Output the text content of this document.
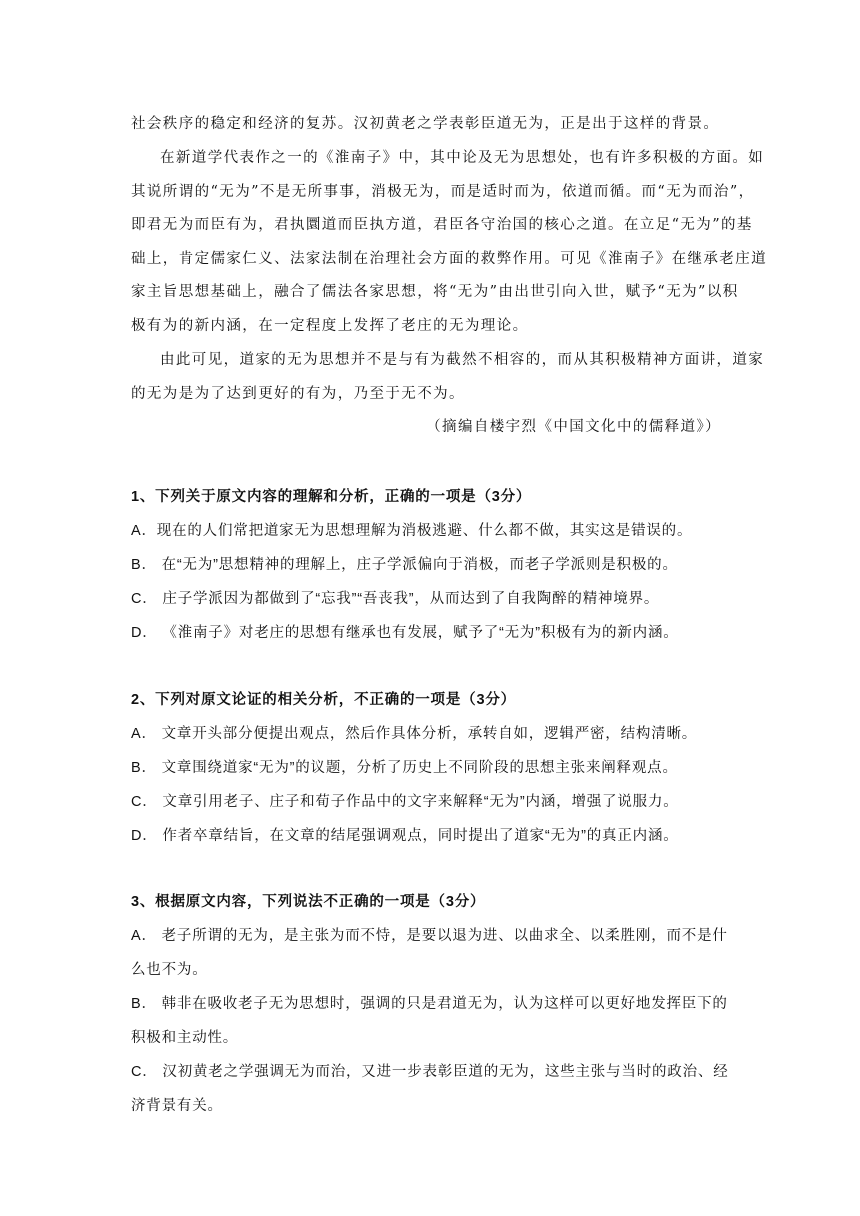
社会秩序的稳定和经济的复苏。汉初黄老之学表彰臣道无为，正是出于这样的背景。
在新道学代表作之一的《淮南子》中，其中论及无为思想处，也有许多积极的方面。如
其说所谓的“无为”不是无所事事，消极无为，而是适时而为，依道而循。而“无为而治”，
即君无为而臣有为，君执圜道而臣执方道，君臣各守治国的核心之道。在立足“无为”的基
础上，肯定儒家仁义、法家法制在治理社会方面的救弊作用。可见《淮南子》在继承老庄道
家主旨思想基础上，融合了儒法各家思想，将“无为”由出世引向入世，赋予“无为”以积
极有为的新内涵，在一定程度上发挥了老庄的无为理论。
由此可见，道家的无为思想并不是与有为截然不相容的，而从其积极精神方面讲，道家
的无为是为了达到更好的有为，乃至于无不为。
（摘编自楼宇烈《中国文化中的儒释道》）
1、下列关于原文内容的理解和分析，正确的一项是（3分）
A．现在的人们常把道家无为思想理解为消极逃避、什么都不做，其实这是错误的。
B． 在“无为”思想精神的理解上，庄子学派偏向于消极，而老子学派则是积极的。
C． 庄子学派因为都做到了“忘我”“吾丧我”，从而达到了自我陶醉的精神境界。
D． 《淮南子》对老庄的思想有继承也有发展，赋予了“无为”积极有为的新内涵。
2、下列对原文论证的相关分析，不正确的一项是（3分）
A． 文章开头部分便提出观点，然后作具体分析，承转自如，逻辑严密，结构清晰。
B． 文章围绕道家“无为”的议题，分析了历史上不同阶段的思想主张来阐释观点。
C． 文章引用老子、庄子和荀子作品中的文字来解释“无为”内涵，增强了说服力。
D． 作者卒章结旨，在文章的结尾强调观点，同时提出了道家“无为”的真正内涵。
3、根据原文内容，下列说法不正确的一项是（3分）
A． 老子所谓的无为，是主张为而不恃，是要以退为进、以曲求全、以柔胜刚，而不是什
么也不为。
B． 韩非在吸收老子无为思想时，强调的只是君道无为，认为这样可以更好地发挥臣下的
积极和主动性。
C． 汉初黄老之学强调无为而治，又进一步表彰臣道的无为，这些主张与当时的政治、经
济背景有关。
